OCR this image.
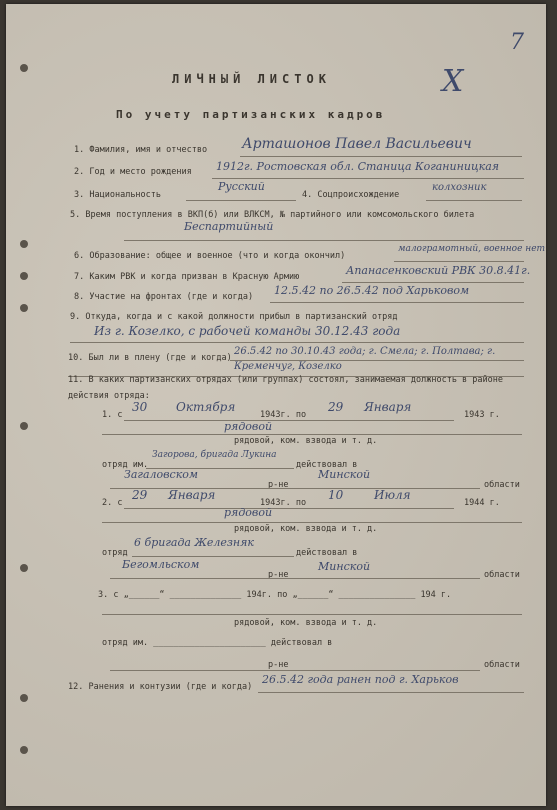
7
ЛИЧНЫЙ ЛИСТОК	X
По учету партизанских кадров
1. Фамилия, имя и отчество Арташонов Павел Васильевич
2. Год и место рождения 1912г. Ростовская обл. Станица Коганиницкая
3. Национальность
Русский
4. Соцпроисхождение
колхозник
5. Время поступления в ВКП(б) или ВЛКСМ, № партийного или комсомольского билета
Беспартийный
6. Образование: общее и военное (что и когда окончил)
малограмотный, военное нет
7. Каким РВК и когда призван в Красную Армию	Апанасенковский РВК 30.8.41г.
8. Участие на фронтах (где и когда) 12.5.42 по 26.5.42 под Харьковом
9. Откуда, когда и с какой должности прибыл в партизанский отряд
Из г. Козелко, с рабочей команды 30.12.43 года
10. Был ли в плену (где и когда)
26.5.42 по 30.10.43 года; г. Смела; г. Полтава; г. Кременчуг, Козелко
11. В каких партизанских отрядах (или группах) состоял, занимаемая должность в районе действия отряда:
1. с
30 Октября
1943г. по
29 Января
1943 г.
рядовой
рядовой, ком. взвода и т. д.
отряд им.
Загорова, бригада Лукина
действовал в
Загаловском
р-не
Минской
области
2. с
29 Января
1943г. по
10	Июля
1944 г.
рядовой
рядовой, ком. взвода и т. д.
отряд
6 бригада Железняк
действовал в
Бегомльском
р-не
Минской
области
3. с „______“ ______________ 194г. по „______“ _______________ 194 г.
рядовой, ком. взвода и т. д.
отряд им. ______________________ действовал в
р-не	области
12. Ранения и контузии (где и когда)
26.5.42 года ранен под г. Харьков
